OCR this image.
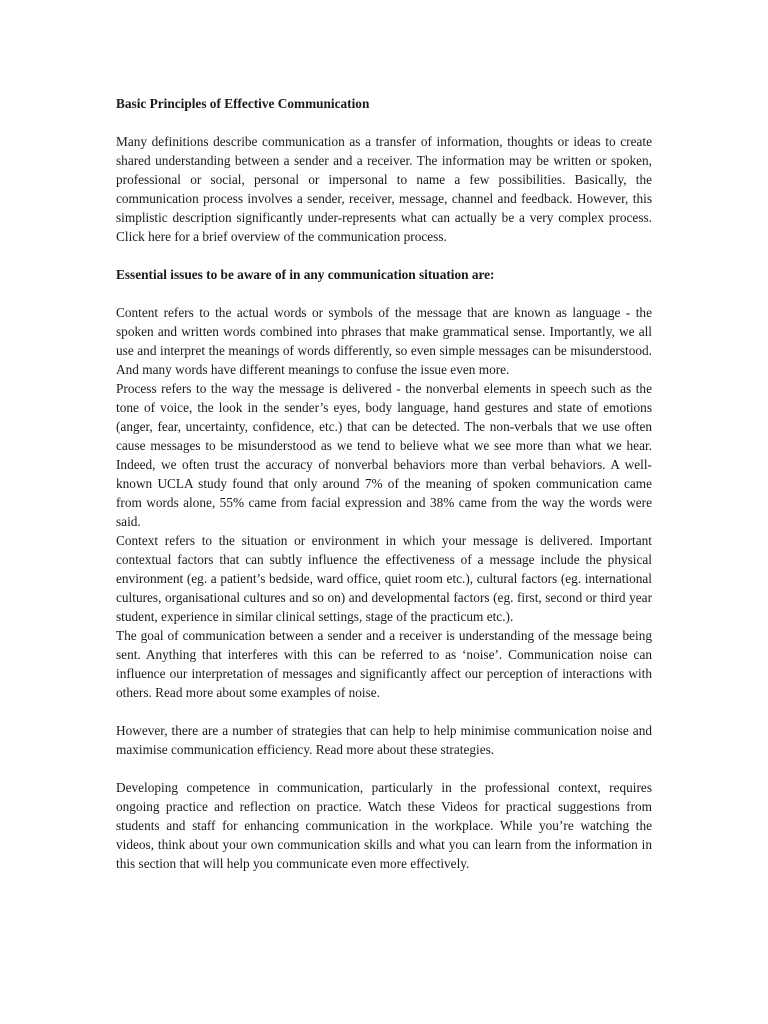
Basic Principles of Effective Communication

Many definitions describe communication as a transfer of information, thoughts or ideas to create shared understanding between a sender and a receiver. The information may be written or spoken, professional or social, personal or impersonal to name a few possibilities. Basically, the communication process involves a sender, receiver, message, channel and feedback. However, this simplistic description significantly under-represents what can actually be a very complex process. Click here for a brief overview of the communication process.

Essential issues to be aware of in any communication situation are:

Content refers to the actual words or symbols of the message that are known as language - the spoken and written words combined into phrases that make grammatical sense. Importantly, we all use and interpret the meanings of words differently, so even simple messages can be misunderstood. And many words have different meanings to confuse the issue even more.

Process refers to the way the message is delivered - the nonverbal elements in speech such as the tone of voice, the look in the sender’s eyes, body language, hand gestures and state of emotions (anger, fear, uncertainty, confidence, etc.) that can be detected. The non-verbals that we use often cause messages to be misunderstood as we tend to believe what we see more than what we hear. Indeed, we often trust the accuracy of nonverbal behaviors more than verbal behaviors. A well-known UCLA study found that only around 7% of the meaning of spoken communication came from words alone, 55% came from facial expression and 38% came from the way the words were said.

Context refers to the situation or environment in which your message is delivered. Important contextual factors that can subtly influence the effectiveness of a message include the physical environment (eg. a patient’s bedside, ward office, quiet room etc.), cultural factors (eg. international cultures, organisational cultures and so on) and developmental factors (eg. first, second or third year student, experience in similar clinical settings, stage of the practicum etc.).

The goal of communication between a sender and a receiver is understanding of the message being sent. Anything that interferes with this can be referred to as ‘noise’. Communication noise can influence our interpretation of messages and significantly affect our perception of interactions with others. Read more about some examples of noise.

However, there are a number of strategies that can help to help minimise communication noise and maximise communication efficiency. Read more about these strategies.

Developing competence in communication, particularly in the professional context, requires ongoing practice and reflection on practice. Watch these Videos for practical suggestions from students and staff for enhancing communication in the workplace. While you’re watching the videos, think about your own communication skills and what you can learn from the information in this section that will help you communicate even more effectively.
